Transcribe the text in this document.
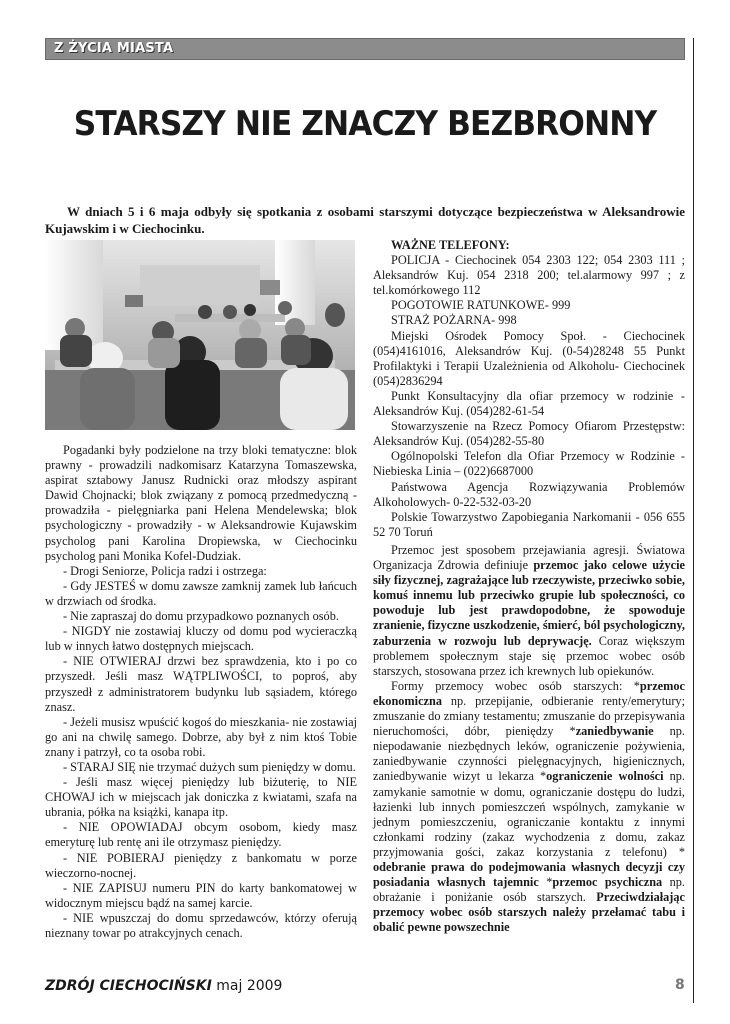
Z ŻYCIA MIASTA
STARSZY NIE ZNACZY BEZBRONNY

W dniach 5 i 6 maja odbyły się spotkania z osobami starszymi dotyczące bezpieczeństwa w Aleksandrowie Kujawskim i w Ciechocinku.

Pogadanki były podzielone na trzy bloki tematyczne: blok prawny - prowadzili nadkomisarz Katarzyna Tomaszewska, aspirat sztabowy Janusz Rudnicki oraz młodszy aspirant Dawid Chojnacki; blok związany z pomocą przedmedyczną - prowadziła - pielęgniarka pani Helena Mendelewska; blok psychologiczny - prowadziły - w Aleksandrowie Kujawskim psycholog pani Karolina Dropiewska, w Ciechocinku psycholog pani Monika Kofel-Dudziak.

- Drogi Seniorze, Policja radzi i ostrzega:

- Gdy JESTEŚ w domu zawsze zamknij zamek lub łańcuch w drzwiach od środka.

- Nie zapraszaj do domu przypadkowo poznanych osób.

- NIGDY nie zostawiaj kluczy od domu pod wycieraczką lub w innych łatwo dostępnych miejscach.

- NIE OTWIERAJ drzwi bez sprawdzenia, kto i po co przyszedł. Jeśli masz WĄTPLIWOŚCI, to poproś, aby przyszedł z administratorem budynku lub sąsiadem, którego znasz.

- Jeżeli musisz wpuścić kogoś do mieszkania- nie zostawiaj go ani na chwilę samego. Dobrze, aby był z nim ktoś Tobie znany i patrzył, co ta osoba robi.

- STARAJ SIĘ nie trzymać dużych sum pieniędzy w domu.

- Jeśli masz więcej pieniędzy lub biżuterię, to NIE CHOWAJ ich w miejscach jak doniczka z kwiatami, szafa na ubrania, półka na książki, kanapa itp.

- NIE OPOWIADAJ obcym osobom, kiedy masz emeryturę lub rentę ani ile otrzymasz pieniędzy.

- NIE POBIERAJ pieniędzy z bankomatu w porze wieczorno-nocnej.

- NIE ZAPISUJ numeru PIN do karty bankomatowej w widocznym miejscu bądź na samej karcie.

- NIE wpuszczaj do domu sprzedawców, którzy oferują nieznany towar po atrakcyjnych cenach.

WAŻNE TELEFONY:

POLICJA - Ciechocinek 054 2303 122; 054 2303 111 ; Aleksandrów Kuj. 054 2318 200; tel.alarmowy 997 ; z tel.komórkowego 112

POGOTOWIE RATUNKOWE- 999

STRAŻ POŻARNA- 998

Miejski Ośrodek Pomocy Społ. - Ciechocinek (054)4161016, Aleksandrów Kuj. (0-54)28248 55 Punkt Profilaktyki i Terapii Uzależnienia od Alkoholu- Ciechocinek (054)2836294

Punkt Konsultacyjny dla ofiar przemocy w rodzinie - Aleksandrów Kuj. (054)282-61-54

Stowarzyszenie na Rzecz Pomocy Ofiarom Przestępstw: Aleksandrów Kuj. (054)282-55-80

Ogólnopolski Telefon dla Ofiar Przemocy w Rodzinie - Niebieska Linia – (022)6687000

Państwowa Agencja Rozwiązywania Problemów Alkoholowych- 0-22-532-03-20

Polskie Towarzystwo Zapobiegania Narkomanii - 056 655 52 70 Toruń

Przemoc jest sposobem przejawiania agresji. Światowa Organizacja Zdrowia definiuje przemoc jako celowe użycie siły fizycznej, zagrażające lub rzeczywiste, przeciwko sobie, komuś innemu lub przeciwko grupie lub społeczności, co powoduje lub jest prawdopodobne, że spowoduje zranienie, fizyczne uszkodzenie, śmierć, ból psychologiczny, zaburzenia w rozwoju lub deprywację. Coraz większym problemem społecznym staje się przemoc wobec osób starszych, stosowana przez ich krewnych lub opiekunów.

Formy przemocy wobec osób starszych: *przemoc ekonomiczna np. przepijanie, odbieranie renty/emerytury; zmuszanie do zmiany testamentu; zmuszanie do przepisywania nieruchomości, dóbr, pieniędzy *zaniedbywanie np. niepodawanie niezbędnych leków, ograniczenie pożywienia, zaniedbywanie czynności pielęgnacyjnych, higienicznych, zaniedbywanie wizyt u lekarza *ograniczenie wolności np. zamykanie samotnie w domu, ograniczanie dostępu do ludzi, łazienki lub innych pomieszczeń wspólnych, zamykanie w jednym pomieszczeniu, ograniczanie kontaktu z innymi członkami rodziny (zakaz wychodzenia z domu, zakaz przyjmowania gości, zakaz korzystania z telefonu) * odebranie prawa do podejmowania własnych decyzji czy posiadania własnych tajemnic *przemoc psychiczna np. obrażanie i poniżanie osób starszych. Przeciwdziałając przemocy wobec osób starszych należy przełamać tabu i obalić pewne powszechnie

ZDRÓJ CIECHOCIŃSKI maj 2009	8
